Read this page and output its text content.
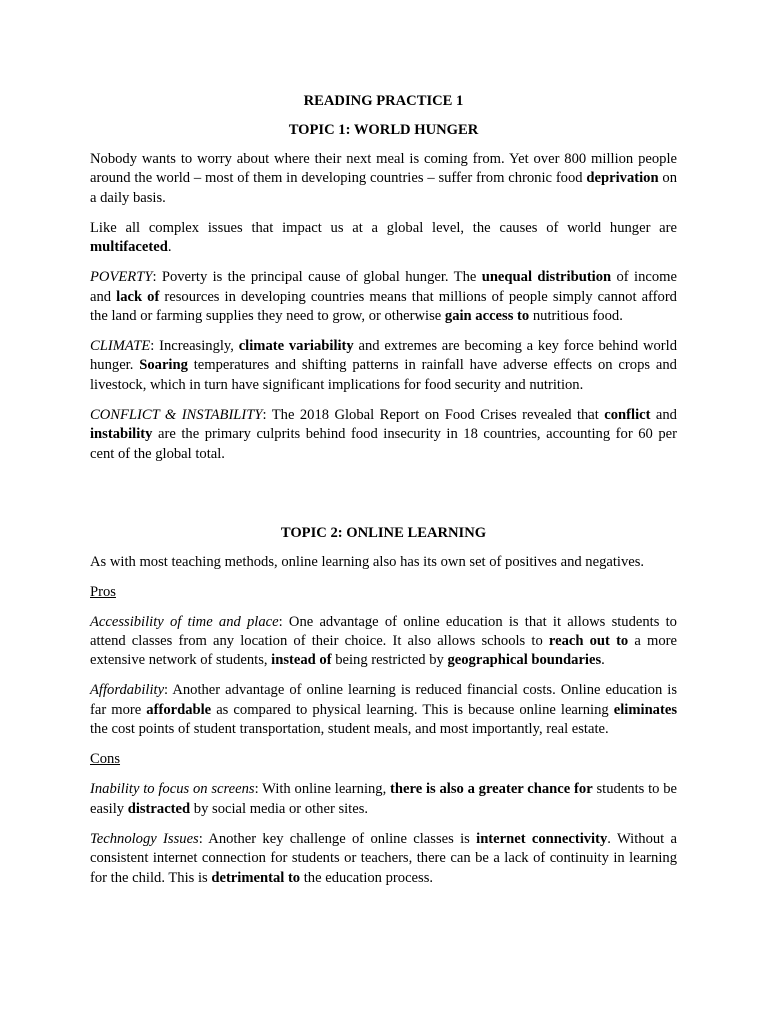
READING PRACTICE 1
TOPIC 1: WORLD HUNGER

Nobody wants to worry about where their next meal is coming from. Yet over 800 million people around the world – most of them in developing countries – suffer from chronic food deprivation on a daily basis.

Like all complex issues that impact us at a global level, the causes of world hunger are multifaceted.

POVERTY: Poverty is the principal cause of global hunger. The unequal distribution of income and lack of resources in developing countries means that millions of people simply cannot afford the land or farming supplies they need to grow, or otherwise gain access to nutritious food.

CLIMATE: Increasingly, climate variability and extremes are becoming a key force behind world hunger. Soaring temperatures and shifting patterns in rainfall have adverse effects on crops and livestock, which in turn have significant implications for food security and nutrition.

CONFLICT & INSTABILITY: The 2018 Global Report on Food Crises revealed that conflict and instability are the primary culprits behind food insecurity in 18 countries, accounting for 60 per cent of the global total.

TOPIC 2: ONLINE LEARNING

As with most teaching methods, online learning also has its own set of positives and negatives.

Pros

Accessibility of time and place: One advantage of online education is that it allows students to attend classes from any location of their choice. It also allows schools to reach out to a more extensive network of students, instead of being restricted by geographical boundaries.

Affordability: Another advantage of online learning is reduced financial costs. Online education is far more affordable as compared to physical learning. This is because online learning eliminates the cost points of student transportation, student meals, and most importantly, real estate.

Cons

Inability to focus on screens: With online learning, there is also a greater chance for students to be easily distracted by social media or other sites.

Technology Issues: Another key challenge of online classes is internet connectivity. Without a consistent internet connection for students or teachers, there can be a lack of continuity in learning for the child. This is detrimental to the education process.
